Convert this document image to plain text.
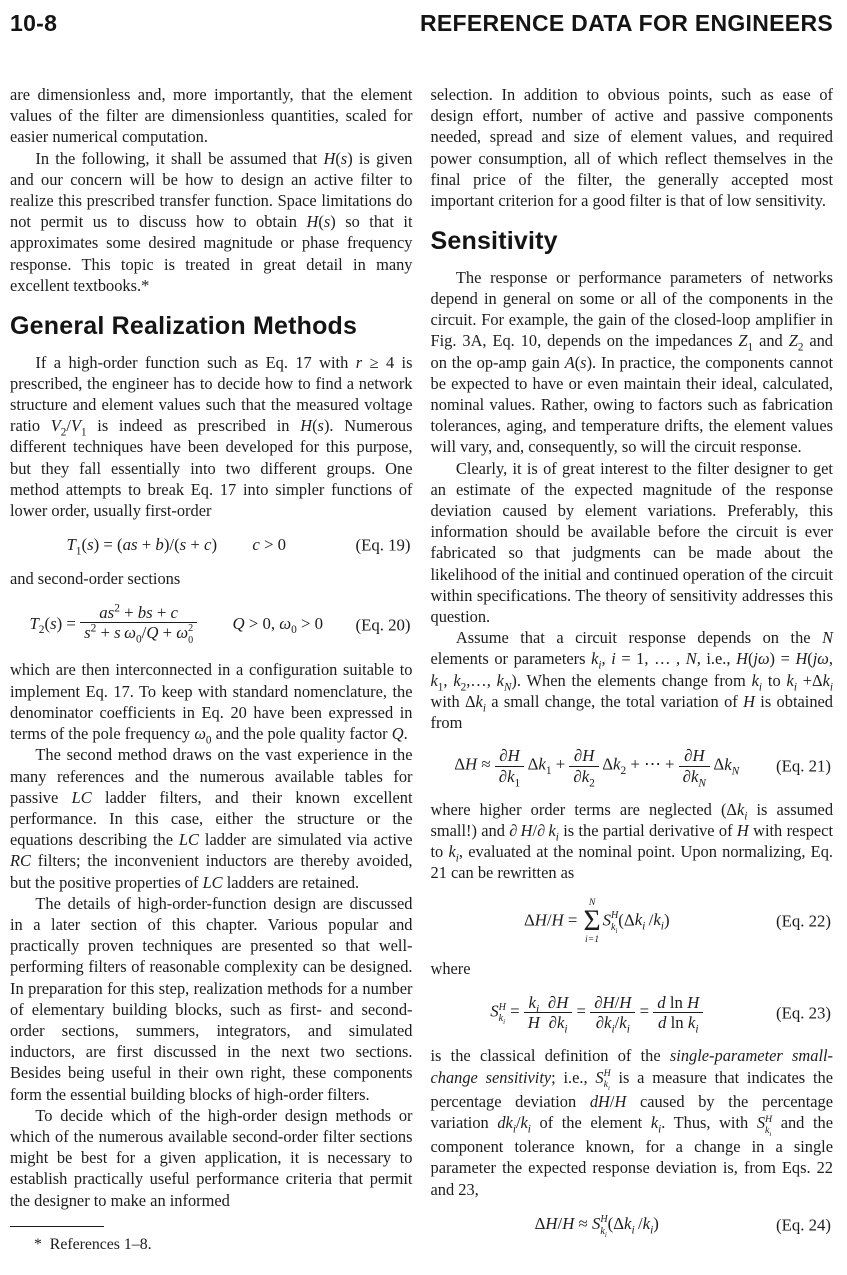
10-8	REFERENCE DATA FOR ENGINEERS

are dimensionless and, more importantly, that the element values of the filter are dimensionless quantities, scaled for easier numerical computation.

In the following, it shall be assumed that H(s) is given and our concern will be how to design an active filter to realize this prescribed transfer function. Space limitations do not permit us to discuss how to obtain H(s) so that it approximates some desired magnitude or phase frequency response. This topic is treated in great detail in many excellent textbooks.*

General Realization Methods

If a high-order function such as Eq. 17 with r ≥ 4 is prescribed, the engineer has to decide how to find a network structure and element values such that the measured voltage ratio $V_2/V_1$ is indeed as prescribed in H(s). Numerous different techniques have been developed for this purpose, but they fall essentially into two different groups. One method attempts to break Eq. 17 into simpler functions of lower order, usually first-order

$T_1(s) = (as + b)/(s + c) c > 0$	(Eq. 19)

and second-order sections

$T_2(s) = as^2$ + bs + c
$s^2 + s$  $\omega_0/Q + \omega$ 2
0 Q > 0, $\omega_0 > 0$ (Eq. 20)

which are then interconnected in a configuration suitable to implement Eq. 17. To keep with standard nomenclature, the denominator coefficients in Eq. 20 have been expressed in terms of the pole frequency $\omega_0$ and the pole quality factor Q.

The second method draws on the vast experience in the many references and the numerous available tables for passive LC ladder filters, and their known excellent performance. In this case, either the structure or the equations describing the LC ladder are simulated via active RC filters; the inconvenient inductors are thereby avoided, but the positive properties of LC ladders are retained.

The details of high-order-function design are discussed in a later section of this chapter. Various popular and practically proven techniques are presented so that well-performing filters of reasonable complexity can be designed. In preparation for this step, realization methods for a number of elementary building blocks, such as first- and second-order sections, summers, integrators, and simulated inductors, are first discussed in the next two sections. Besides being useful in their own right, these components form the essential building blocks of high-order filters.

To decide which of the high-order design methods or which of the numerous available second-order filter sections might be best for a given application, it is necessary to establish practically useful performance criteria that permit the designer to make an informed

* References 1–8.

selection. In addition to obvious points, such as ease of design effort, number of active and passive components needed, spread and size of element values, and required power consumption, all of which reflect themselves in the final price of the filter, the generally accepted most important criterion for a good filter is that of low sensitivity.

Sensitivity

The response or performance parameters of networks depend in general on some or all of the components in the circuit. For example, the gain of the closed-loop amplifier in Fig. 3A, Eq. 10, depends on the impedances $Z_1$ and $Z_2$ and on the op-amp gain A(s). In practice, the components cannot be expected to have or even maintain their ideal, calculated, nominal values. Rather, owing to factors such as fabrication tolerances, aging, and temperature drifts, the element values will vary, and, consequently, so will the circuit response.

Clearly, it is of great interest to the filter designer to get an estimate of the expected magnitude of the response deviation caused by element variations. Preferably, this information should be available before the circuit is ever fabricated so that judgments can be made about the likelihood of the initial and continued operation of the circuit within specifications. The theory of sensitivity addresses this question.

Assume that a circuit response depends on the N elements or parameters $k_i$, i = 1, … , N, i.e., H(jω) = H(jω, $k_1$, $k_2,\dots$, $k_N$). When the elements change from $k_i$ to $k_i +\Delta k_i$ with $\Delta k_i$ a small change, the total variation of H is obtained from

$\Delta H \approx \frac{\partial H}{\partial k_1} \Delta k_1 + \frac{\partial H}{\partial k_2} \Delta k_2$ + ⋯ + $\frac{\partial H}{\partial k_N} \Delta k_N$ (Eq. 21)

where higher order terms are neglected ($\Delta k_i$ is assumed small!) and ∂ H/∂ $k_i$ is the partial derivative of H with respect to $k_i$, evaluated at the nominal point. Upon normalizing, Eq. 21 can be rewritten as

ΔH/H =
N
Σ
i=1
S H
$k_i$
($\Delta k_i$ $/k_i$)	(Eq. 22)

where

S H
$k_i$
= $\frac{k_i}{H} \frac{\partial H}{\partial k_i} = \frac{\partial H/H}{\partial k_i/k_i} = \frac{\text{d ln H}}{d \ln k_i}$	(Eq. 23)

is the classical definition of the single-parameter small-change sensitivity; i.e., S H
$k_i$
is a measure that indicates the percentage deviation dH/H caused by the percentage variation $dk_i/k_i$ of the element $k_i$. Thus, with S H
$k_i$
and the component tolerance known, for a change in a single parameter the expected response deviation is, from Eqs. 22 and 23,

ΔH/H ≈ S H
$k_i$
($\Delta k_i$ $/k_i$)	(Eq. 24)
